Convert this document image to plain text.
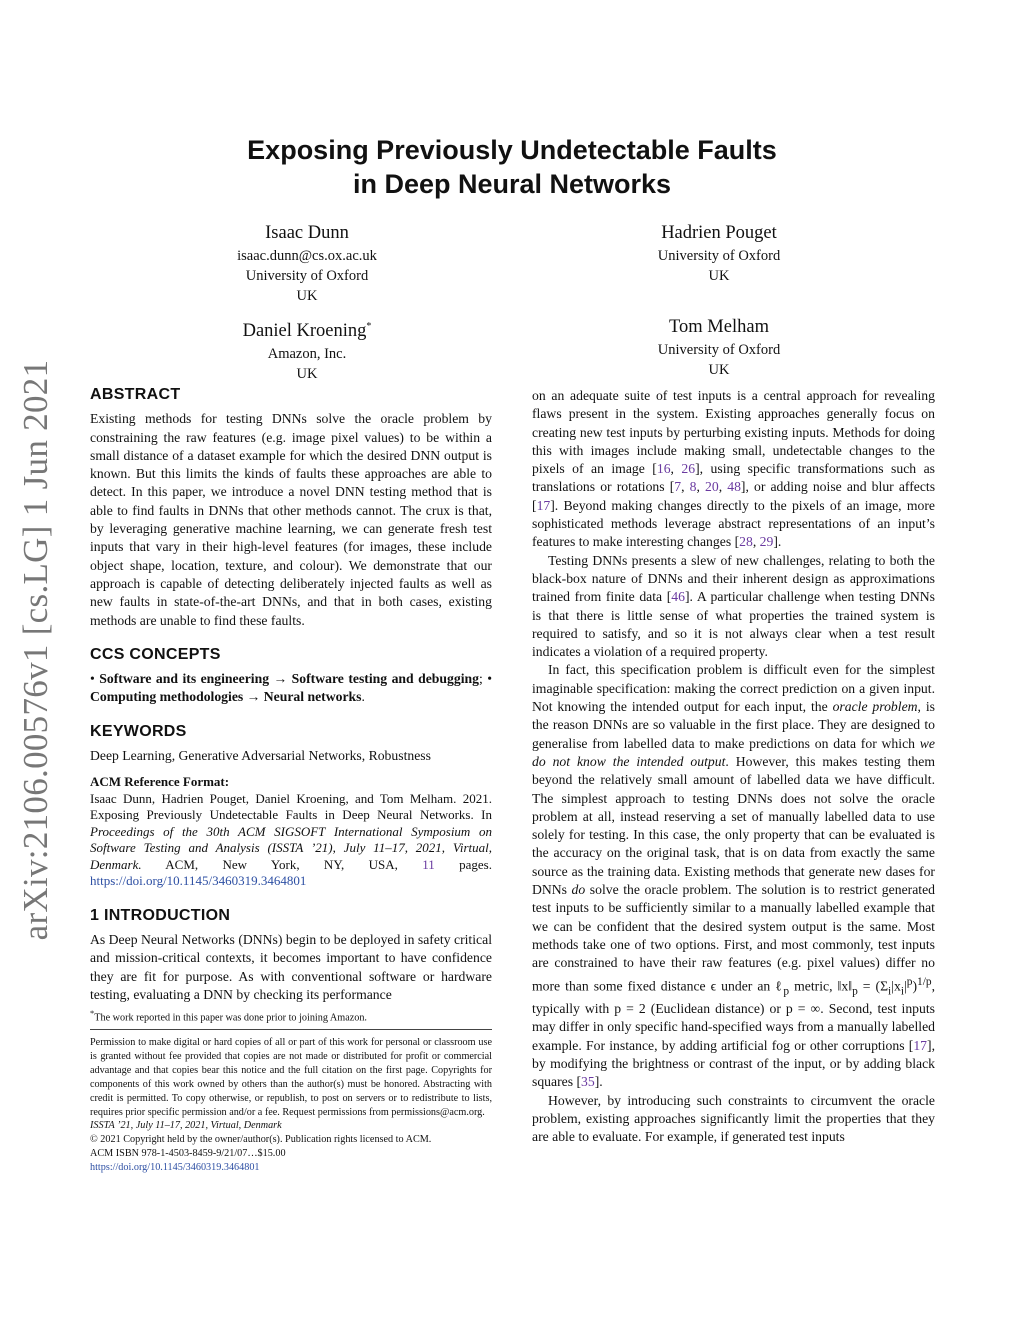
arXiv:2106.00576v1 [cs.LG] 1 Jun 2021
Exposing Previously Undetectable Faults
in Deep Neural Networks
Isaac Dunn
isaac.dunn@cs.ox.ac.uk
University of Oxford
UK
Hadrien Pouget
University of Oxford
UK
Daniel Kroening*
Amazon, Inc.
UK
Tom Melham
University of Oxford
UK
ABSTRACT

Existing methods for testing DNNs solve the oracle problem by constraining the raw features (e.g. image pixel values) to be within a small distance of a dataset example for which the desired DNN output is known. But this limits the kinds of faults these approaches are able to detect. In this paper, we introduce a novel DNN testing method that is able to find faults in DNNs that other methods cannot. The crux is that, by leveraging generative machine learning, we can generate fresh test inputs that vary in their high-level features (for images, these include object shape, location, texture, and colour). We demonstrate that our approach is capable of detecting deliberately injected faults as well as new faults in state-of-the-art DNNs, and that in both cases, existing methods are unable to find these faults.

CCS CONCEPTS

• Software and its engineering → Software testing and debugging; • Computing methodologies → Neural networks.

KEYWORDS

Deep Learning, Generative Adversarial Networks, Robustness

ACM Reference Format:
Isaac Dunn, Hadrien Pouget, Daniel Kroening, and Tom Melham. 2021. Exposing Previously Undetectable Faults in Deep Neural Networks. In Proceedings of the 30th ACM SIGSOFT International Symposium on Software Testing and Analysis (ISSTA ’21), July 11–17, 2021, Virtual, Denmark. ACM, New York, NY, USA, 11 pages. https://doi.org/10.1145/3460319.3464801
1 INTRODUCTION

As Deep Neural Networks (DNNs) begin to be deployed in safety critical and mission-critical contexts, it becomes important to have confidence they are fit for purpose. As with conventional software or hardware testing, evaluating a DNN by checking its performance

*The work reported in this paper was done prior to joining Amazon.
Permission to make digital or hard copies of all or part of this work for personal or classroom use is granted without fee provided that copies are not made or distributed for profit or commercial advantage and that copies bear this notice and the full citation on the first page. Copyrights for components of this work owned by others than the author(s) must be honored. Abstracting with credit is permitted. To copy otherwise, or republish, to post on servers or to redistribute to lists, requires prior specific permission and/or a fee. Request permissions from permissions@acm.org.
ISSTA ’21, July 11–17, 2021, Virtual, Denmark
© 2021 Copyright held by the owner/author(s). Publication rights licensed to ACM.
ACM ISBN 978-1-4503-8459-9/21/07…$15.00
https://doi.org/10.1145/3460319.3464801

on an adequate suite of test inputs is a central approach for revealing flaws present in the system. Existing approaches generally focus on creating new test inputs by perturbing existing inputs. Methods for doing this with images include making small, undetectable changes to the pixels of an image [16, 26], using specific transformations such as translations or rotations [7, 8, 20, 48], or adding noise and blur affects [17]. Beyond making changes directly to the pixels of an image, more sophisticated methods leverage abstract representations of an input’s features to make interesting changes [28, 29].

Testing DNNs presents a slew of new challenges, relating to both the black-box nature of DNNs and their inherent design as approximations trained from finite data [46]. A particular challenge when testing DNNs is that there is little sense of what properties the trained system is required to satisfy, and so it is not always clear when a test result indicates a violation of a required property.

In fact, this specification problem is difficult even for the simplest imaginable specification: making the correct prediction on a given input. Not knowing the intended output for each input, the oracle problem, is the reason DNNs are so valuable in the first place. They are designed to generalise from labelled data to make predictions on data for which we do not know the intended output. However, this makes testing them beyond the relatively small amount of labelled data we have difficult. The simplest approach to testing DNNs does not solve the oracle problem at all, instead reserving a set of manually labelled data to use solely for testing. In this case, the only property that can be evaluated is the accuracy on the original task, that is on data from exactly the same source as the training data. Existing methods that generate new dases for DNNs do solve the oracle problem. The solution is to restrict generated test inputs to be sufficiently similar to a manually labelled example that we can be confident that the desired system output is the same. Most methods take one of two options. First, and most commonly, test inputs are constrained to have their raw features (e.g. pixel values) differ no more than some fixed distance ϵ under an ℓ$_p$ metric, $‖x‖_p = (\Sigma_i|x_i|^p)^{1/p}$, typically with p = 2 (Euclidean distance) or p = ∞. Second, test inputs may differ in only specific hand-specified ways from a manually labelled example. For instance, by adding artificial fog or other corruptions [17], by modifying the brightness or contrast of the input, or by adding black squares [35].

However, by introducing such constraints to circumvent the oracle problem, existing approaches significantly limit the properties that they are able to evaluate. For example, if generated test inputs
